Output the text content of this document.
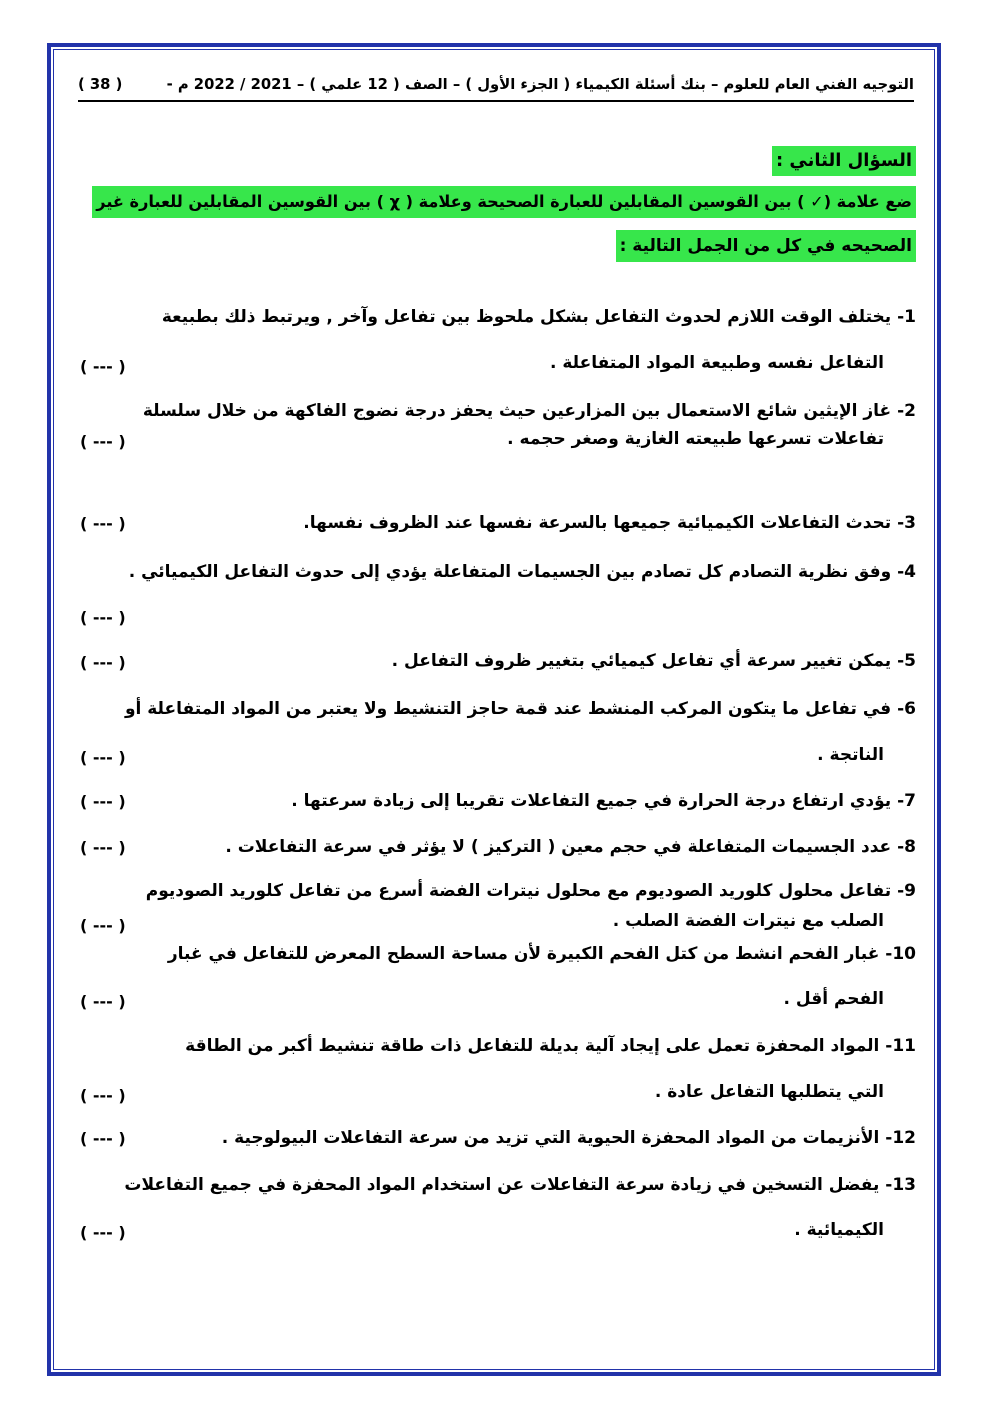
التوجيه الفني العام للعلوم – بنك أسئلة الكيمياء ( الجزء الأول ) – الصف ( 12 علمي ) – 2021 / 2022 م -
( 38 )
السؤال الثاني :
ضع علامة (✓ ) بين القوسين المقابلين للعبارة الصحيحة وعلامة ( χ ) بين القوسين المقابلين للعبارة غير
الصحيحه في كل من الجمل التالية :
1- يختلف الوقت اللازم لحدوث التفاعل بشكل ملحوظ بين تفاعل وآخر , ويرتبط ذلك بطبيعة
التفاعل نفسه وطبيعة المواد المتفاعلة .
( --- )
2- غاز الإيثين شائع الاستعمال بين المزارعين حيث يحفز درجة نضوج الفاكهة من خلال سلسلة
تفاعلات تسرعها طبيعته الغازية وصغر حجمه .
( --- )
3- تحدث التفاعلات الكيميائية جميعها بالسرعة نفسها عند الظروف نفسها.
( --- )
4- وفق نظرية التصادم كل تصادم بين الجسيمات المتفاعلة يؤدي إلى حدوث التفاعل الكيميائي .
( --- )
5- يمكن تغيير سرعة أي تفاعل كيميائي بتغيير ظروف التفاعل .
( --- )
6- في تفاعل ما يتكون المركب المنشط عند قمة حاجز التنشيط ولا يعتبر من المواد المتفاعلة أو
الناتجة .
( --- )
7- يؤدي ارتفاع درجة الحرارة في جميع التفاعلات تقريبا إلى زيادة سرعتها .
( --- )
8- عدد الجسيمات المتفاعلة في حجم معين ( التركيز ) لا يؤثر في سرعة التفاعلات .
( --- )
9- تفاعل محلول كلوريد الصوديوم مع محلول نيترات الفضة أسرع من تفاعل كلوريد الصوديوم
الصلب مع نيترات الفضة الصلب .
( --- )
10- غبار الفحم انشط من كتل الفحم الكبيرة لأن مساحة السطح المعرض للتفاعل في غبار
الفحم أقل .
( --- )
11- المواد المحفزة تعمل على إيجاد آلية بديلة للتفاعل ذات طاقة تنشيط أكبر من الطاقة
التي يتطلبها التفاعل عادة .
( --- )
12- الأنزيمات من المواد المحفزة الحيوية التي تزيد من سرعة التفاعلات البيولوجية .
( --- )
13- يفضل التسخين في زيادة سرعة التفاعلات عن استخدام المواد المحفزة في جميع التفاعلات
الكيميائية .
( --- )
